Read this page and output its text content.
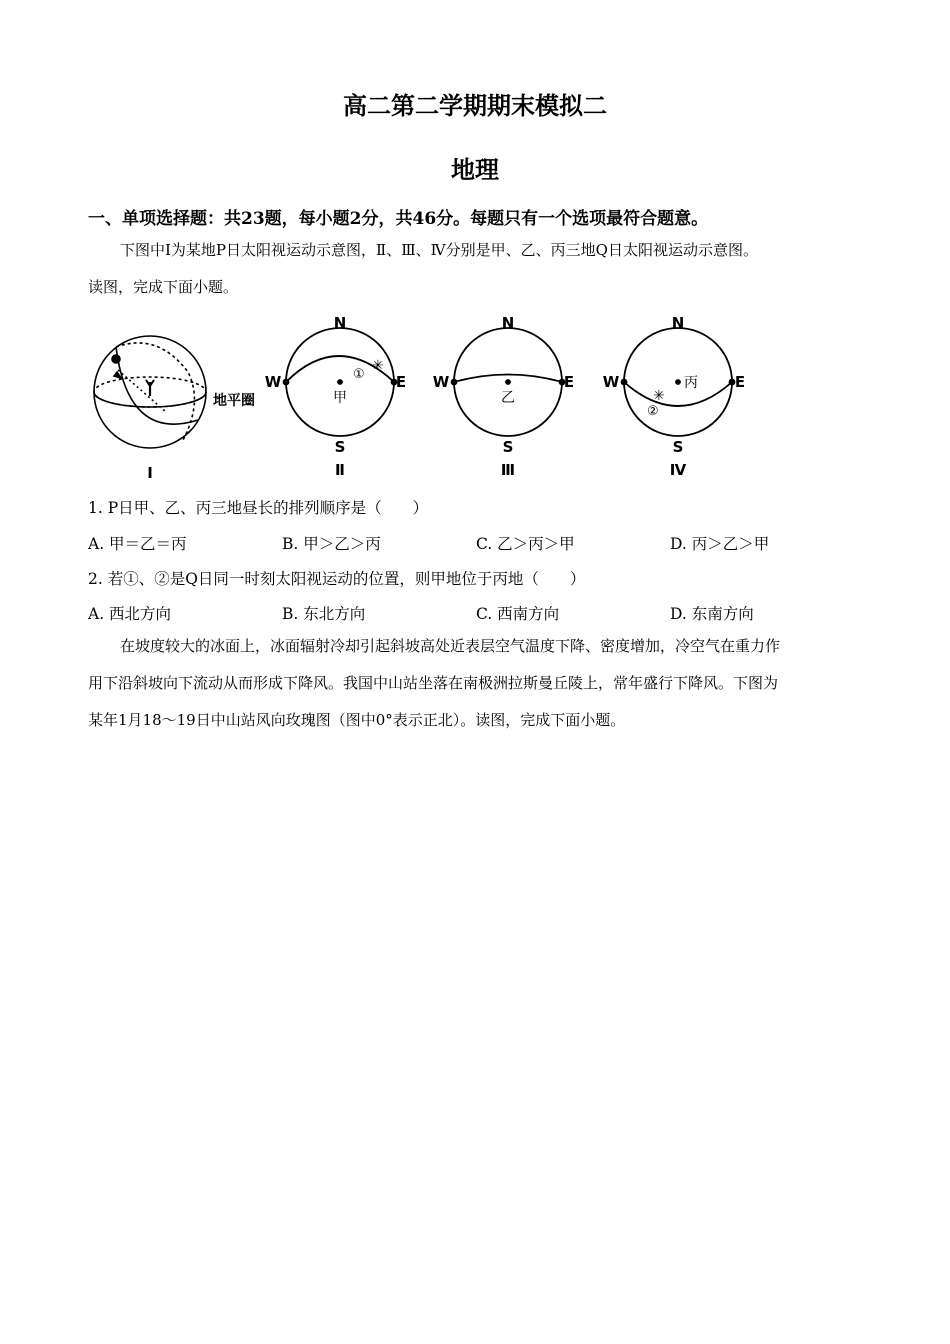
高二第二学期期末模拟二
地理
一、单项选择题：共23题，每小题2分，共46分。每题只有一个选项最符合题意。
下图中Ⅰ为某地P日太阳视运动示意图，Ⅱ、Ⅲ、Ⅳ分别是甲、乙、丙三地Q日太阳视运动示意图。
读图，完成下面小题。
地平圈
Ⅰ
✳
①
N
S
W	E
甲
Ⅱ
N
S
W	E
乙
Ⅲ
✳
②
N
S
W	E
丙
Ⅳ
1. P日甲、乙、丙三地昼长的排列顺序是（　　）
A. 甲＝乙＝丙	B. 甲＞乙＞丙	C. 乙＞丙＞甲	D. 丙＞乙＞甲
2. 若①、②是Q日同一时刻太阳视运动的位置，则甲地位于丙地（　　）
A. 西北方向	B. 东北方向	C. 西南方向	D. 东南方向
在坡度较大的冰面上，冰面辐射冷却引起斜坡高处近表层空气温度下降、密度增加，冷空气在重力作
用下沿斜坡向下流动从而形成下降风。我国中山站坐落在南极洲拉斯曼丘陵上，常年盛行下降风。下图为
某年1月18～19日中山站风向玫瑰图（图中0°表示正北）。读图，完成下面小题。
